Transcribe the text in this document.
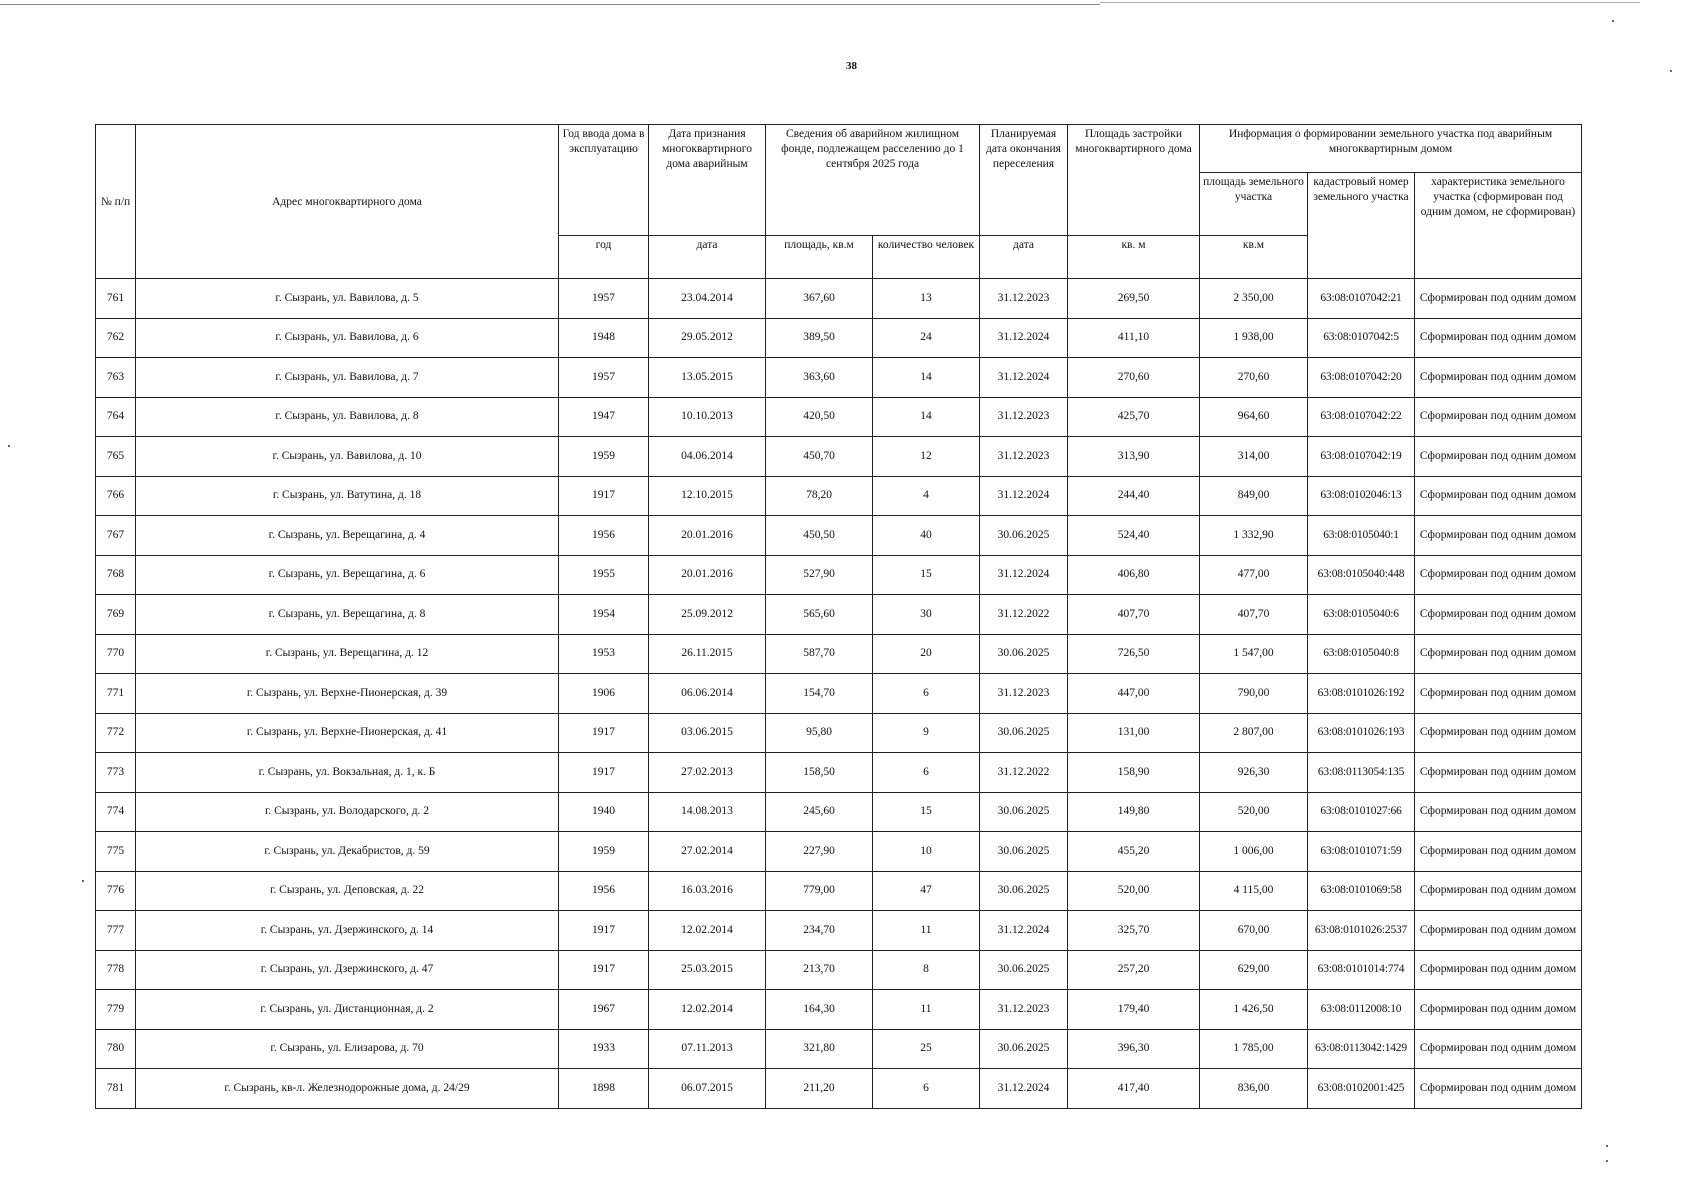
38
№ п/п	Адрес многоквартирного дома	Год ввода дома в эксплуатацию	Дата признания многоквартирного дома аварийным	Сведения об аварийном жилищном фонде, подлежащем расселению до 1 сентября 2025 года		Планируемая дата окончания переселения	Площадь застройки многоквартирного дома	Информация о формировании земельного участка под аварийным многоквартирным домом		
								площадь земельного участка	кадастровый номер земельного участка	характеристика земельного участка (сформирован под одним домом, не сформирован)
		год	дата	площадь, кв.м	количество человек	дата	кв. м	кв.м		
761	г. Сызрань, ул. Вавилова, д. 5	1957	23.04.2014	367,60	13	31.12.2023	269,50	2 350,00	63:08:0107042:21	Сформирован под одним домом
762	г. Сызрань, ул. Вавилова, д. 6	1948	29.05.2012	389,50	24	31.12.2024	411,10	1 938,00	63:08:0107042:5	Сформирован под одним домом
763	г. Сызрань, ул. Вавилова, д. 7	1957	13.05.2015	363,60	14	31.12.2024	270,60	270,60	63:08:0107042:20	Сформирован под одним домом
764	г. Сызрань, ул. Вавилова, д. 8	1947	10.10.2013	420,50	14	31.12.2023	425,70	964,60	63:08:0107042:22	Сформирован под одним домом
765	г. Сызрань, ул. Вавилова, д. 10	1959	04.06.2014	450,70	12	31.12.2023	313,90	314,00	63:08:0107042:19	Сформирован под одним домом
766	г. Сызрань, ул. Ватутина, д. 18	1917	12.10.2015	78,20	4	31.12.2024	244,40	849,00	63:08:0102046:13	Сформирован под одним домом
767	г. Сызрань, ул. Верещагина, д. 4	1956	20.01.2016	450,50	40	30.06.2025	524,40	1 332,90	63:08:0105040:1	Сформирован под одним домом
768	г. Сызрань, ул. Верещагина, д. 6	1955	20.01.2016	527,90	15	31.12.2024	406,80	477,00	63:08:0105040:448	Сформирован под одним домом
769	г. Сызрань, ул. Верещагина, д. 8	1954	25.09.2012	565,60	30	31.12.2022	407,70	407,70	63:08:0105040:6	Сформирован под одним домом
770	г. Сызрань, ул. Верещагина, д. 12	1953	26.11.2015	587,70	20	30.06.2025	726,50	1 547,00	63:08:0105040:8	Сформирован под одним домом
771	г. Сызрань, ул. Верхне-Пионерская, д. 39	1906	06.06.2014	154,70	6	31.12.2023	447,00	790,00	63:08:0101026:192	Сформирован под одним домом
772	г. Сызрань, ул. Верхне-Пионерская, д. 41	1917	03.06.2015	95,80	9	30.06.2025	131,00	2 807,00	63:08:0101026:193	Сформирован под одним домом
773	г. Сызрань, ул. Вокзальная, д. 1, к. Б	1917	27.02.2013	158,50	6	31.12.2022	158,90	926,30	63:08:0113054:135	Сформирован под одним домом
774	г. Сызрань, ул. Володарского, д. 2	1940	14.08.2013	245,60	15	30.06.2025	149,80	520,00	63:08:0101027:66	Сформирован под одним домом
775	г. Сызрань, ул. Декабристов, д. 59	1959	27.02.2014	227,90	10	30.06.2025	455,20	1 006,00	63:08:0101071:59	Сформирован под одним домом
776	г. Сызрань, ул. Деповская, д. 22	1956	16.03.2016	779,00	47	30.06.2025	520,00	4 115,00	63:08:0101069:58	Сформирован под одним домом
777	г. Сызрань, ул. Дзержинского, д. 14	1917	12.02.2014	234,70	11	31.12.2024	325,70	670,00	63:08:0101026:2537	Сформирован под одним домом
778	г. Сызрань, ул. Дзержинского, д. 47	1917	25.03.2015	213,70	8	30.06.2025	257,20	629,00	63:08:0101014:774	Сформирован под одним домом
779	г. Сызрань, ул. Дистанционная, д. 2	1967	12.02.2014	164,30	11	31.12.2023	179,40	1 426,50	63:08:0112008:10	Сформирован под одним домом
780	г. Сызрань, ул. Елизарова, д. 70	1933	07.11.2013	321,80	25	30.06.2025	396,30	1 785,00	63:08:0113042:1429	Сформирован под одним домом
781	г. Сызрань, кв-л. Железнодорожные дома, д. 24/29	1898	06.07.2015	211,20	6	31.12.2024	417,40	836,00	63:08:0102001:425	Сформирован под одним домом
